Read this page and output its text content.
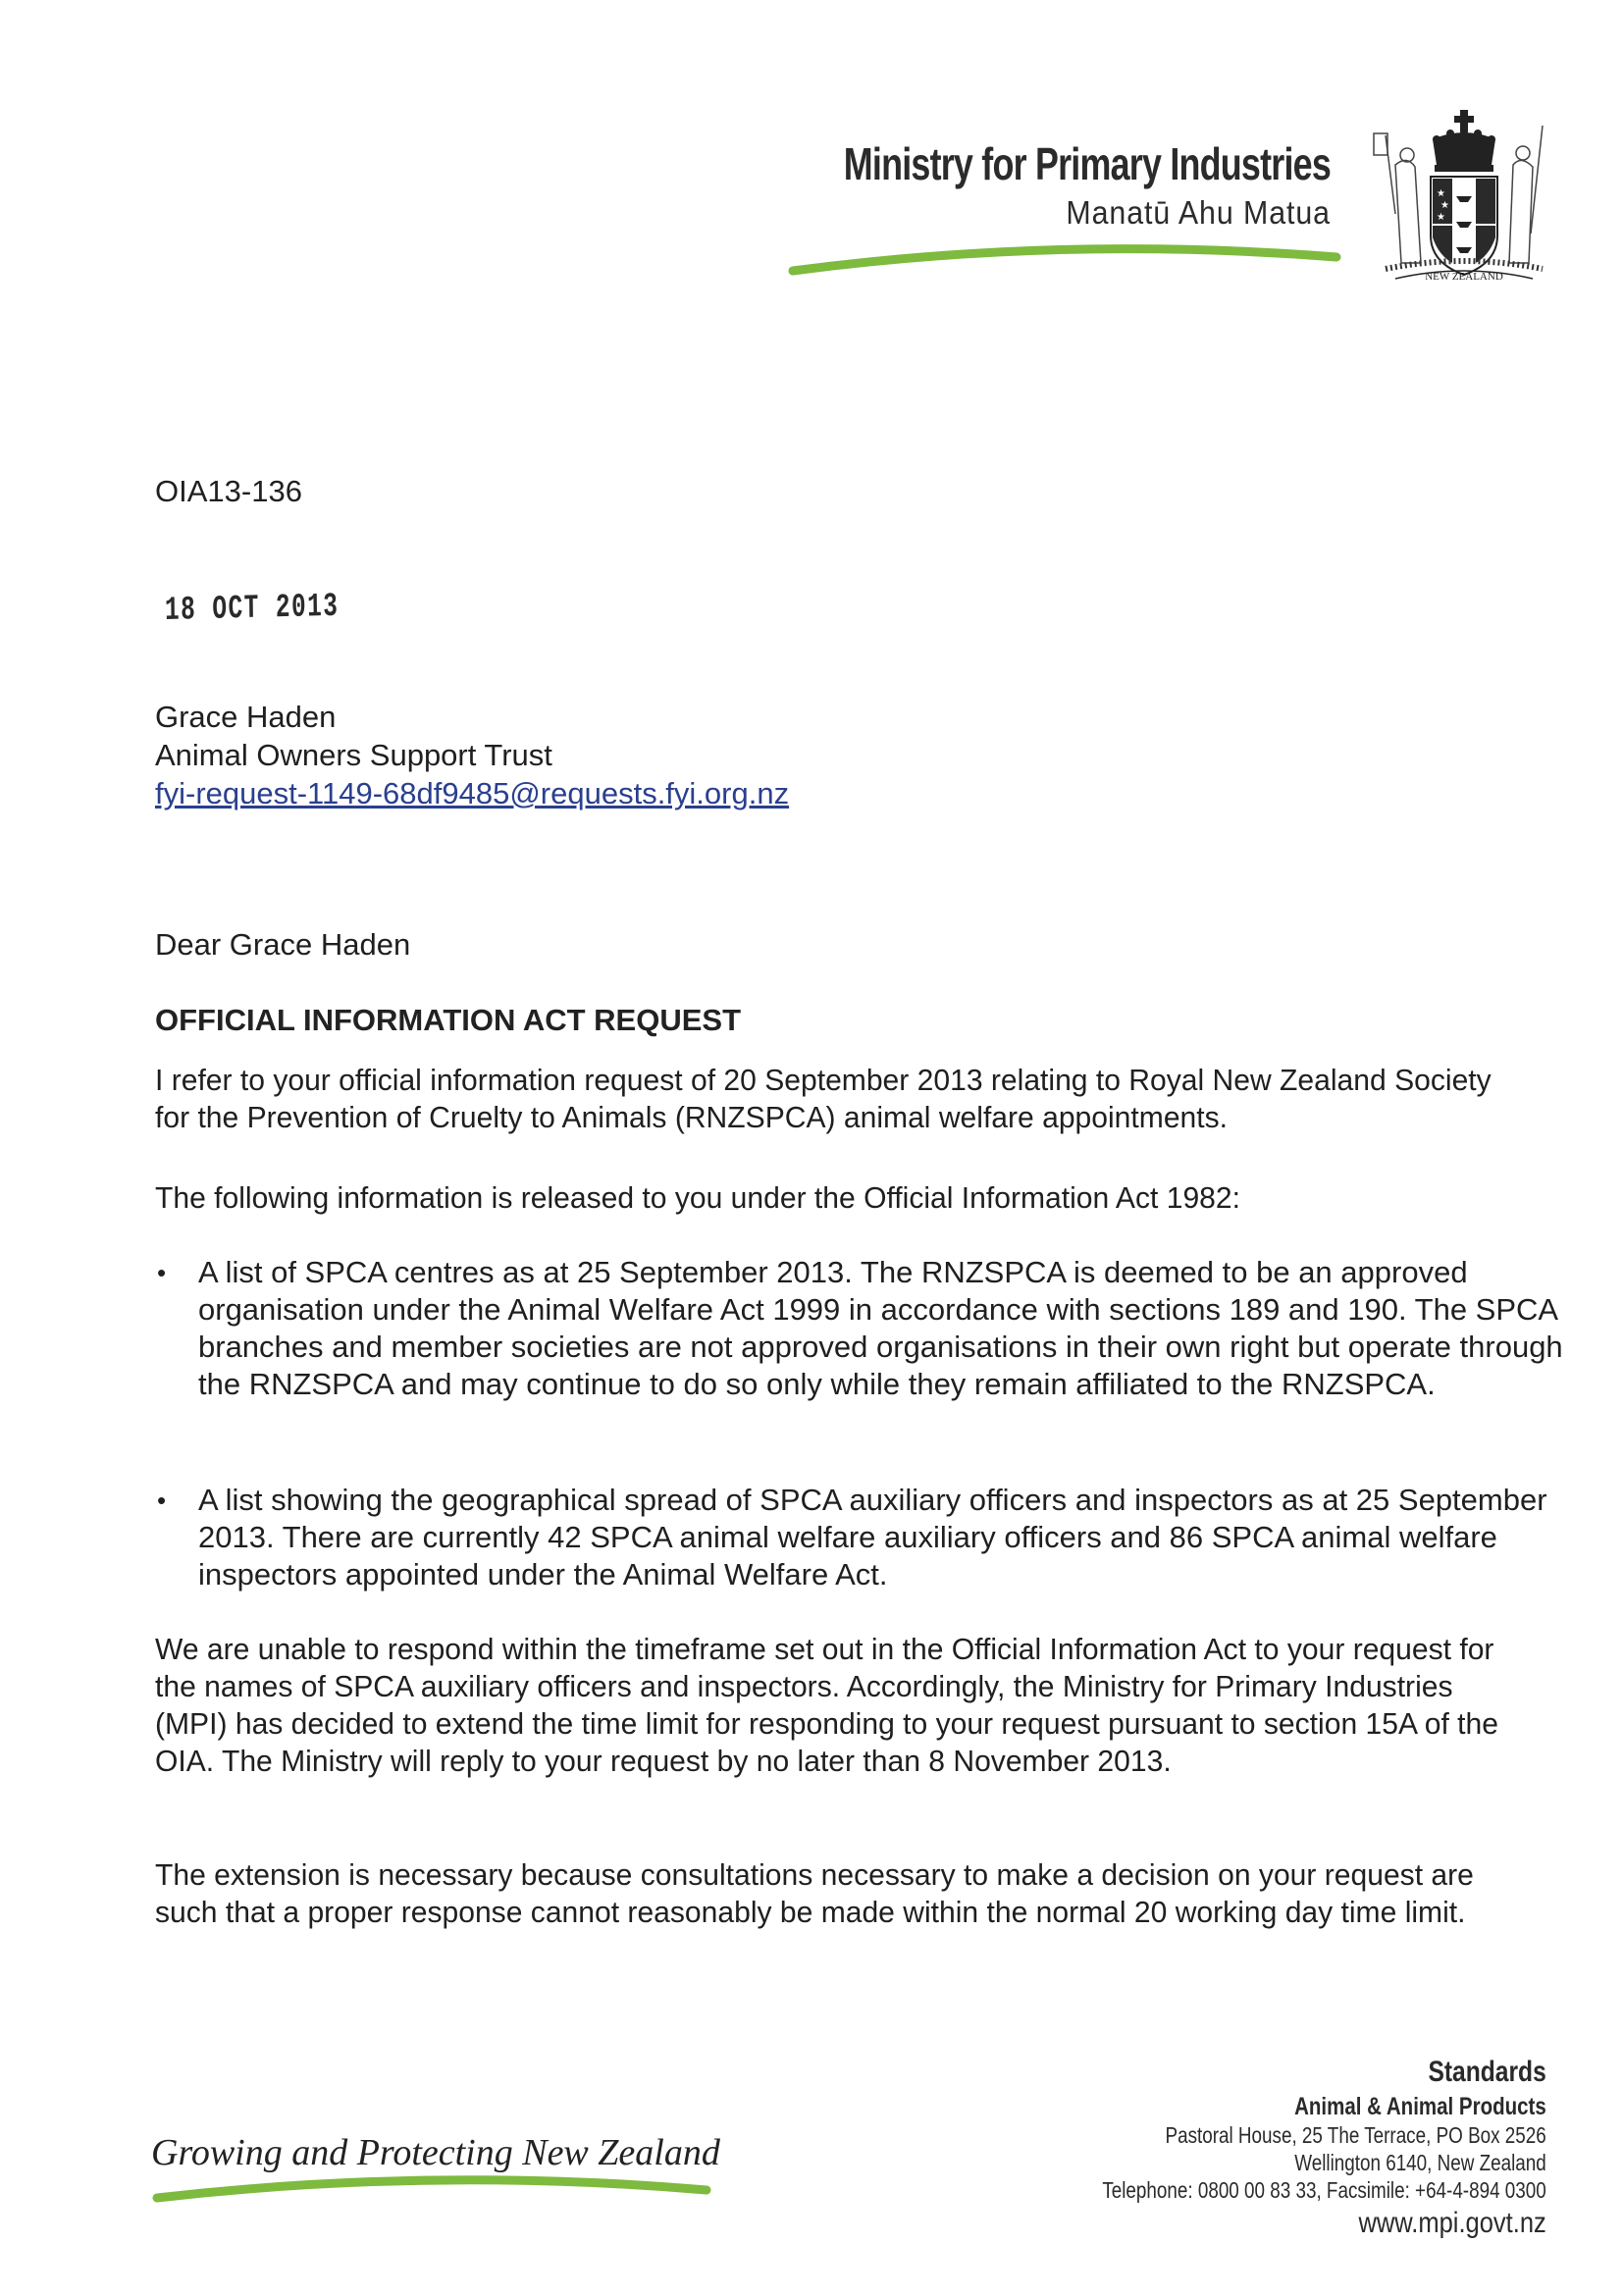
Ministry for Primary Industries
Manatū Ahu Matua
★
★
★
NEW ZEALAND
OIA13-136
18 OCT 2013
Grace Haden
Animal Owners Support Trust
fyi-request-1149-68df9485@requests.fyi.org.nz
Dear Grace Haden
OFFICIAL INFORMATION ACT REQUEST
I refer to your official information request of 20 September 2013 relating to Royal New Zealand Society for the Prevention of Cruelty to Animals (RNZSPCA) animal welfare appointments.
The following information is released to you under the Official Information Act 1982:
•	A list of SPCA centres as at 25 September 2013. The RNZSPCA is deemed to be an approved organisation under the Animal Welfare Act 1999 in accordance with sections 189 and 190. The SPCA branches and member societies are not approved organisations in their own right but operate through the RNZSPCA and may continue to do so only while they remain affiliated to the RNZSPCA.
•	A list showing the geographical spread of SPCA auxiliary officers and inspectors as at 25 September 2013. There are currently 42 SPCA animal welfare auxiliary officers and 86 SPCA animal welfare inspectors appointed under the Animal Welfare Act.
We are unable to respond within the timeframe set out in the Official Information Act to your request for the names of SPCA auxiliary officers and inspectors. Accordingly, the Ministry for Primary Industries (MPI) has decided to extend the time limit for responding to your request pursuant to section 15A of the OIA. The Ministry will reply to your request by no later than 8 November 2013.
The extension is necessary because consultations necessary to make a decision on your request are such that a proper response cannot reasonably be made within the normal 20 working day time limit.
Growing and Protecting New Zealand
Standards
Animal & Animal Products
Pastoral House, 25 The Terrace, PO Box 2526
Wellington 6140, New Zealand
Telephone: 0800 00 83 33, Facsimile: +64-4-894 0300
www.mpi.govt.nz
